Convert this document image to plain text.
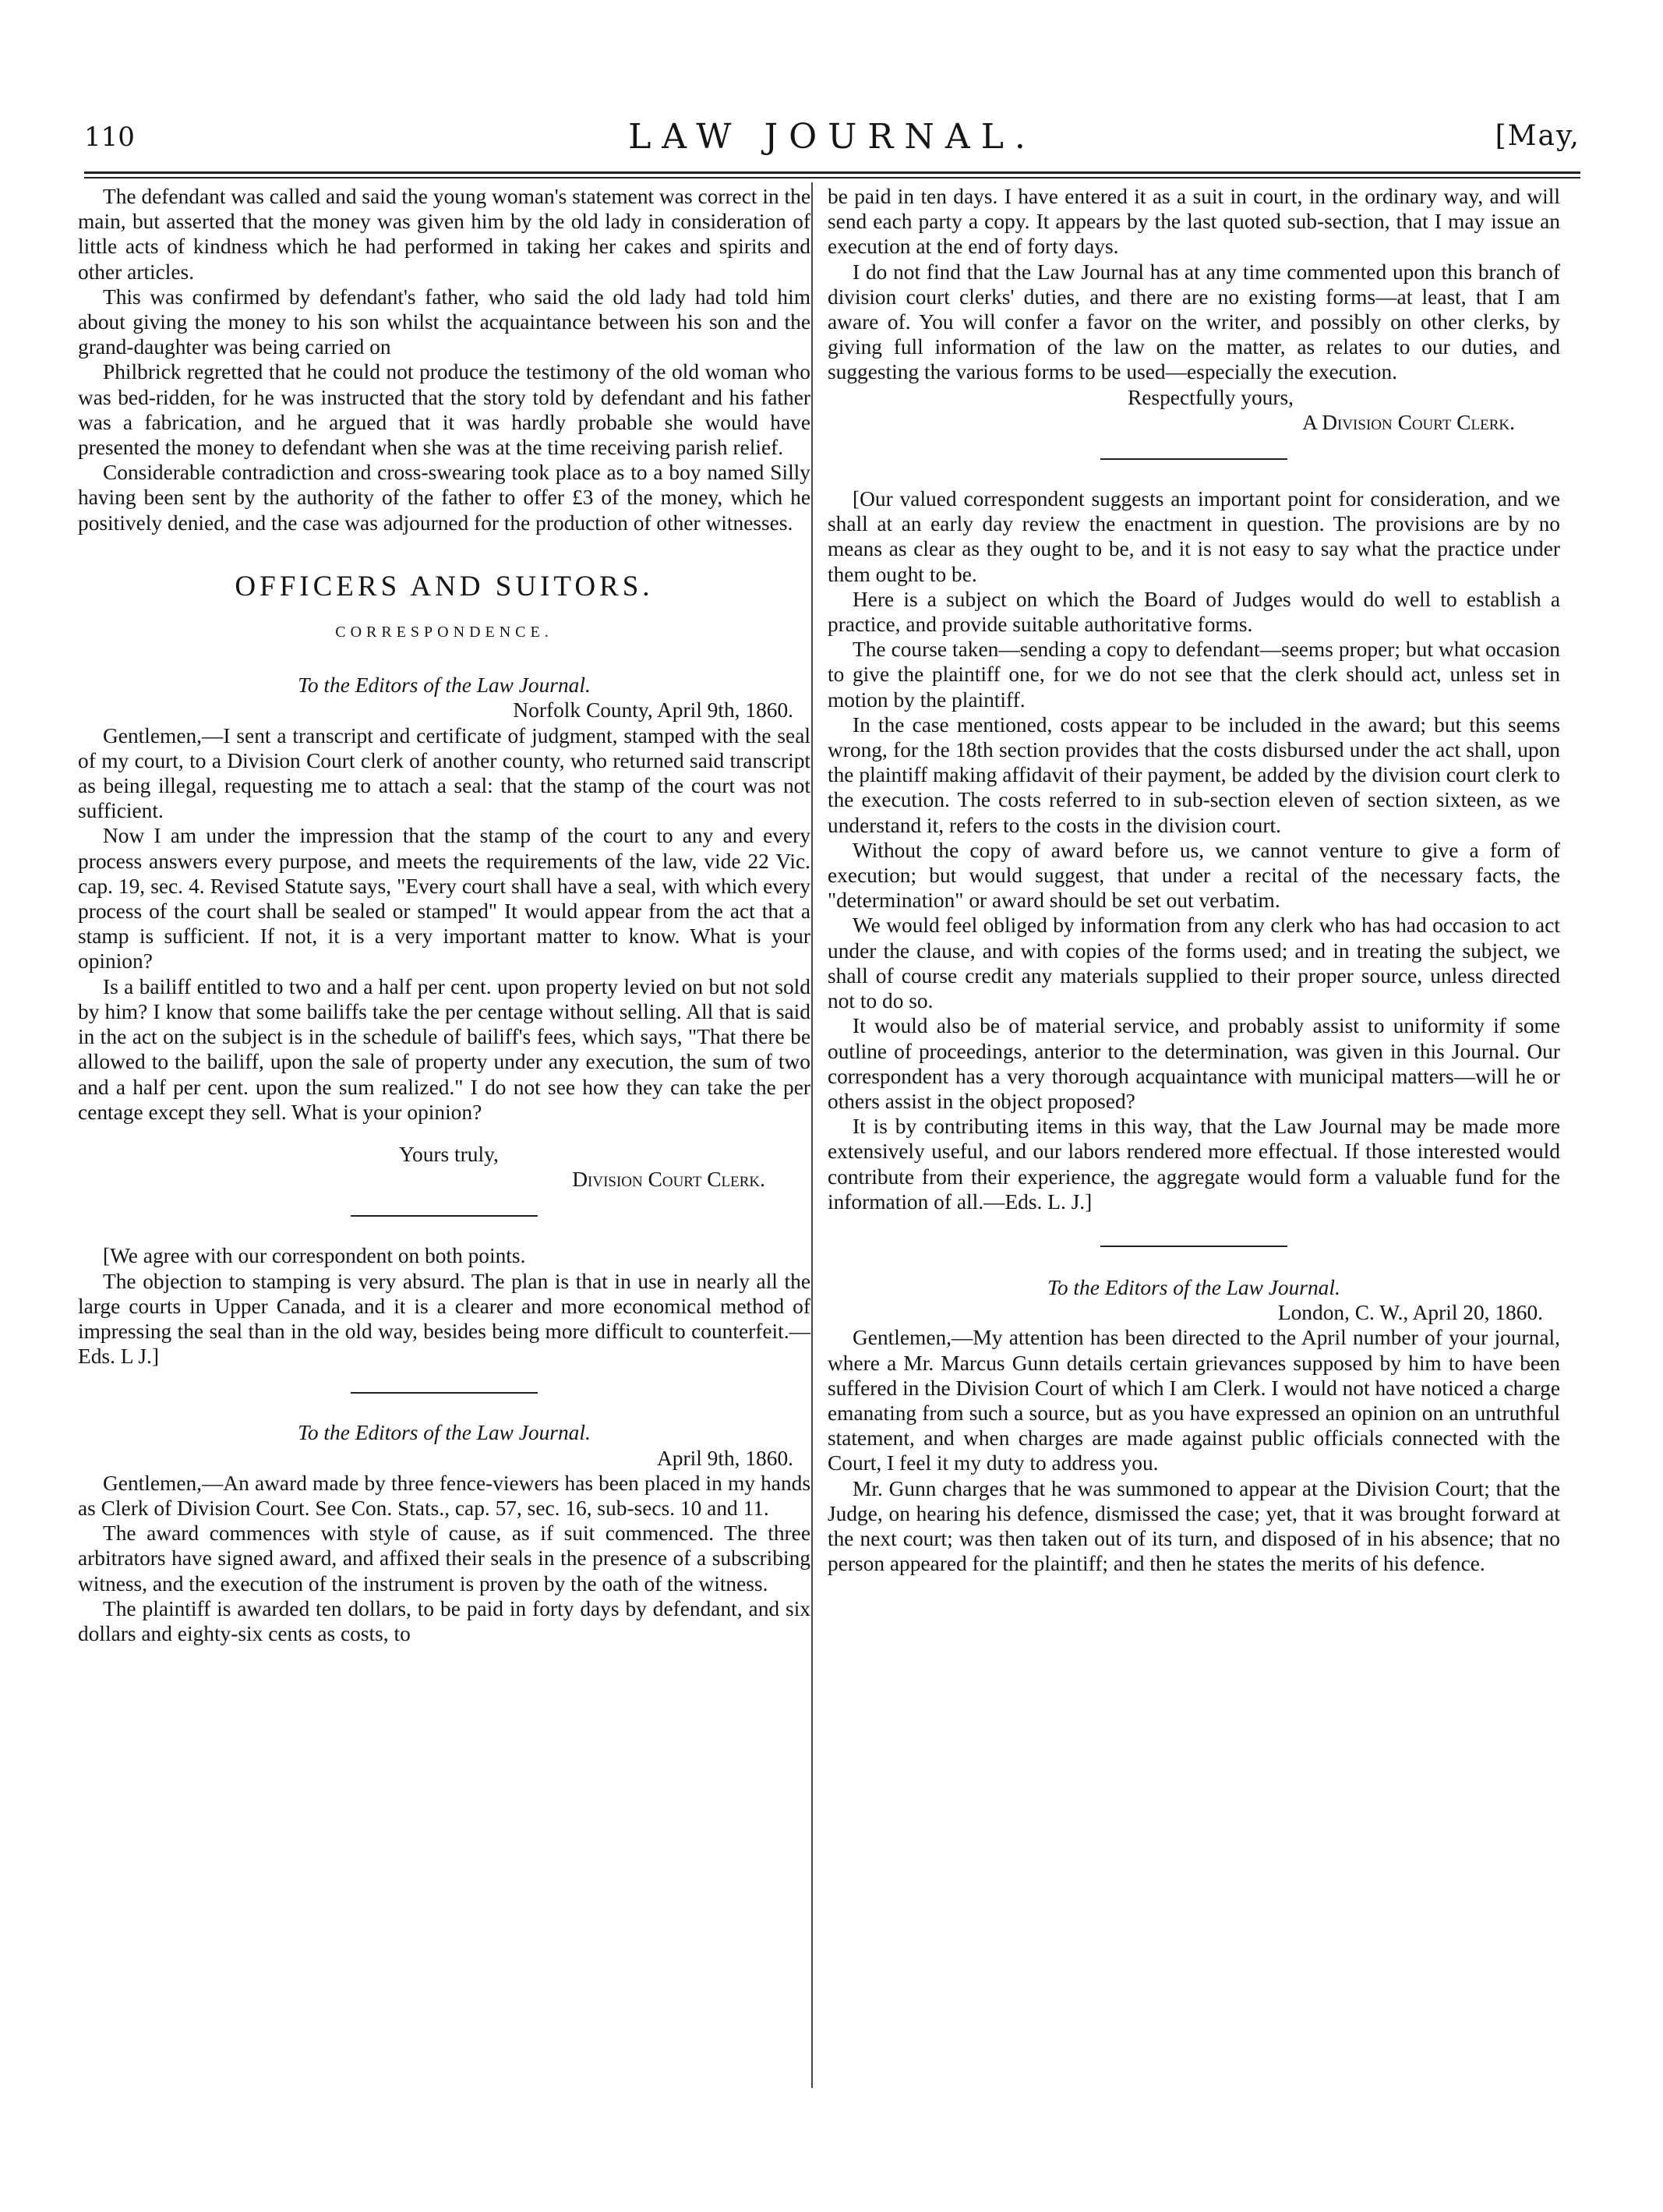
110	LAW JOURNAL.	[May,

The defendant was called and said the young woman's statement was correct in the main, but asserted that the money was given him by the old lady in consideration of little acts of kindness which he had performed in taking her cakes and spirits and other articles.

This was confirmed by defendant's father, who said the old lady had told him about giving the money to his son whilst the acquaintance between his son and the grand-daughter was being carried on

Philbrick regretted that he could not produce the testimony of the old woman who was bed-ridden, for he was instructed that the story told by defendant and his father was a fabrication, and he argued that it was hardly probable she would have presented the money to defendant when she was at the time receiving parish relief.

Considerable contradiction and cross-swearing took place as to a boy named Silly having been sent by the authority of the father to offer £3 of the money, which he positively denied, and the case was adjourned for the production of other witnesses.

OFFICERS AND SUITORS.

CORRESPONDENCE.

To the Editors of the Law Journal.

Norfolk County, April 9th, 1860.

Gentlemen,—I sent a transcript and certificate of judgment, stamped with the seal of my court, to a Division Court clerk of another county, who returned said transcript as being illegal, requesting me to attach a seal: that the stamp of the court was not sufficient.

Now I am under the impression that the stamp of the court to any and every process answers every purpose, and meets the requirements of the law, vide 22 Vic. cap. 19, sec. 4. Revised Statute says, "Every court shall have a seal, with which every process of the court shall be sealed or stamped" It would appear from the act that a stamp is sufficient. If not, it is a very important matter to know. What is your opinion?

Is a bailiff entitled to two and a half per cent. upon property levied on but not sold by him? I know that some bailiffs take the per centage without selling. All that is said in the act on the subject is in the schedule of bailiff's fees, which says, "That there be allowed to the bailiff, upon the sale of property under any execution, the sum of two and a half per cent. upon the sum realized." I do not see how they can take the per centage except they sell. What is your opinion?

Yours truly,

Division Court Clerk.

[We agree with our correspondent on both points.

The objection to stamping is very absurd. The plan is that in use in nearly all the large courts in Upper Canada, and it is a clearer and more economical method of impressing the seal than in the old way, besides being more difficult to counterfeit.—Eds. L J.]

To the Editors of the Law Journal.

April 9th, 1860.

Gentlemen,—An award made by three fence-viewers has been placed in my hands as Clerk of Division Court. See Con. Stats., cap. 57, sec. 16, sub-secs. 10 and 11.

The award commences with style of cause, as if suit commenced. The three arbitrators have signed award, and affixed their seals in the presence of a subscribing witness, and the execution of the instrument is proven by the oath of the witness.

The plaintiff is awarded ten dollars, to be paid in forty days by defendant, and six dollars and eighty-six cents as costs, to

be paid in ten days. I have entered it as a suit in court, in the ordinary way, and will send each party a copy. It appears by the last quoted sub-section, that I may issue an execution at the end of forty days.

I do not find that the Law Journal has at any time commented upon this branch of division court clerks' duties, and there are no existing forms—at least, that I am aware of. You will confer a favor on the writer, and possibly on other clerks, by giving full information of the law on the matter, as relates to our duties, and suggesting the various forms to be used—especially the execution.

Respectfully yours,

A Division Court Clerk.

[Our valued correspondent suggests an important point for consideration, and we shall at an early day review the enactment in question. The provisions are by no means as clear as they ought to be, and it is not easy to say what the practice under them ought to be.

Here is a subject on which the Board of Judges would do well to establish a practice, and provide suitable authoritative forms.

The course taken—sending a copy to defendant—seems proper; but what occasion to give the plaintiff one, for we do not see that the clerk should act, unless set in motion by the plaintiff.

In the case mentioned, costs appear to be included in the award; but this seems wrong, for the 18th section provides that the costs disbursed under the act shall, upon the plaintiff making affidavit of their payment, be added by the division court clerk to the execution. The costs referred to in sub-section eleven of section sixteen, as we understand it, refers to the costs in the division court.

Without the copy of award before us, we cannot venture to give a form of execution; but would suggest, that under a recital of the necessary facts, the "determination" or award should be set out verbatim.

We would feel obliged by information from any clerk who has had occasion to act under the clause, and with copies of the forms used; and in treating the subject, we shall of course credit any materials supplied to their proper source, unless directed not to do so.

It would also be of material service, and probably assist to uniformity if some outline of proceedings, anterior to the determination, was given in this Journal. Our correspondent has a very thorough acquaintance with municipal matters—will he or others assist in the object proposed?

It is by contributing items in this way, that the Law Journal may be made more extensively useful, and our labors rendered more effectual. If those interested would contribute from their experience, the aggregate would form a valuable fund for the information of all.—Eds. L. J.]

To the Editors of the Law Journal.

London, C. W., April 20, 1860.

Gentlemen,—My attention has been directed to the April number of your journal, where a Mr. Marcus Gunn details certain grievances supposed by him to have been suffered in the Division Court of which I am Clerk. I would not have noticed a charge emanating from such a source, but as you have expressed an opinion on an untruthful statement, and when charges are made against public officials connected with the Court, I feel it my duty to address you.

Mr. Gunn charges that he was summoned to appear at the Division Court; that the Judge, on hearing his defence, dismissed the case; yet, that it was brought forward at the next court; was then taken out of its turn, and disposed of in his absence; that no person appeared for the plaintiff; and then he states the merits of his defence.
